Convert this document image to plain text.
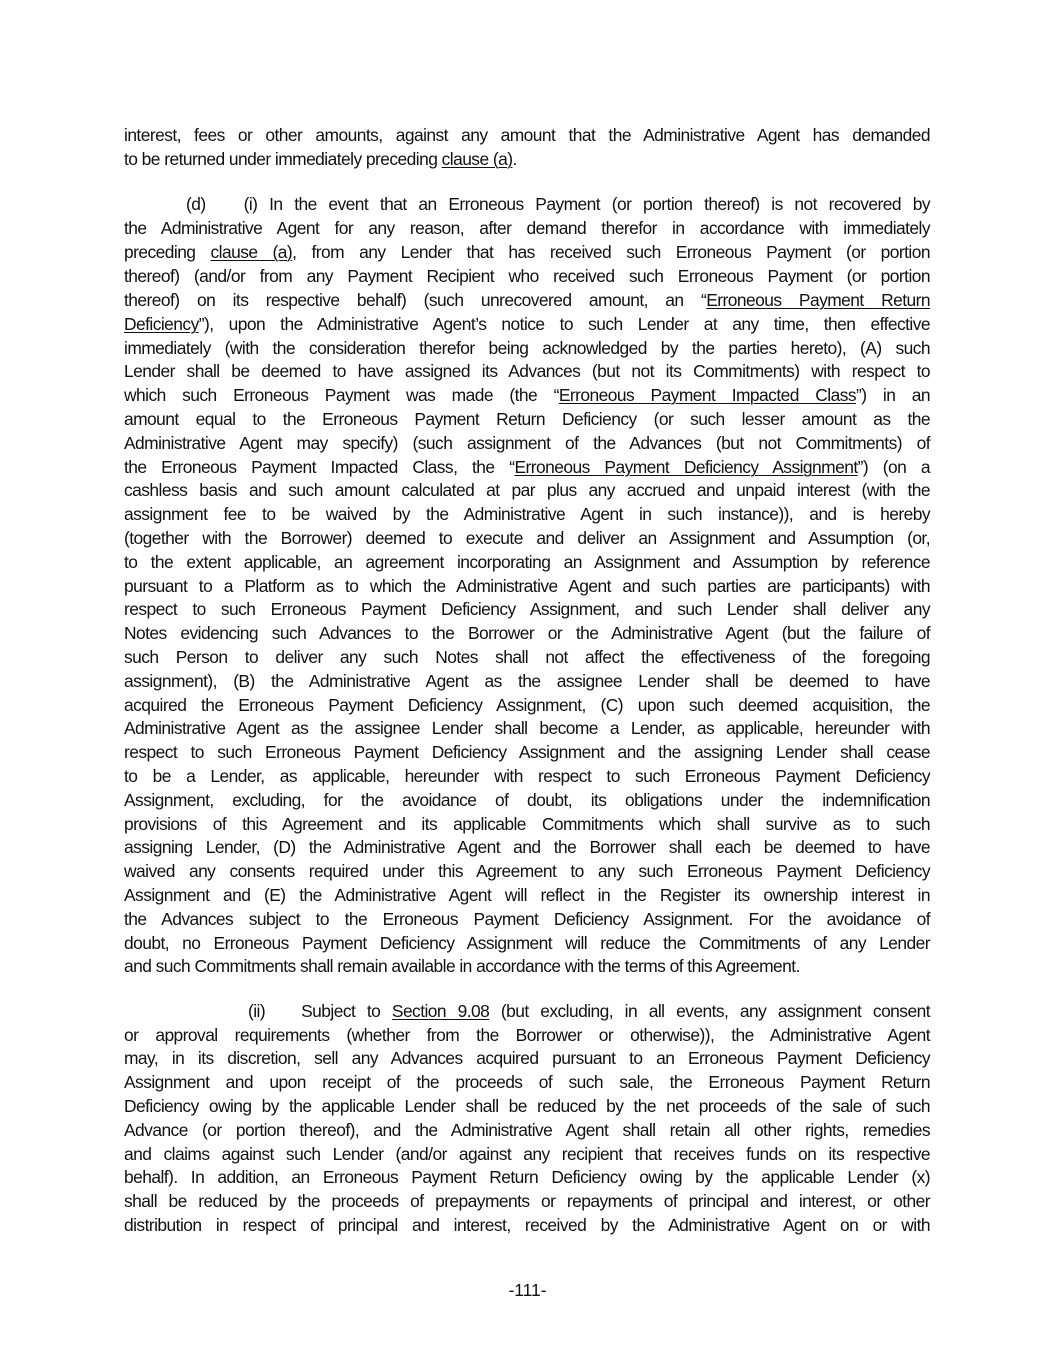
interest, fees or other amounts, against any amount that the Administrative Agent has demanded
to be returned under immediately preceding clause (a).
(d) (i) In the event that an Erroneous Payment (or portion thereof) is not recovered by
the Administrative Agent for any reason, after demand therefor in accordance with immediately
preceding clause (a), from any Lender that has received such Erroneous Payment (or portion
thereof) (and/or from any Payment Recipient who received such Erroneous Payment (or portion
thereof) on its respective behalf) (such unrecovered amount, an “Erroneous Payment Return
Deficiency”), upon the Administrative Agent’s notice to such Lender at any time, then effective
immediately (with the consideration therefor being acknowledged by the parties hereto), (A) such
Lender shall be deemed to have assigned its Advances (but not its Commitments) with respect to
which such Erroneous Payment was made (the “Erroneous Payment Impacted Class”) in an
amount equal to the Erroneous Payment Return Deficiency (or such lesser amount as the
Administrative Agent may specify) (such assignment of the Advances (but not Commitments) of
the Erroneous Payment Impacted Class, the “Erroneous Payment Deficiency Assignment”) (on a
cashless basis and such amount calculated at par plus any accrued and unpaid interest (with the
assignment fee to be waived by the Administrative Agent in such instance)), and is hereby
(together with the Borrower) deemed to execute and deliver an Assignment and Assumption (or,
to the extent applicable, an agreement incorporating an Assignment and Assumption by reference
pursuant to a Platform as to which the Administrative Agent and such parties are participants) with
respect to such Erroneous Payment Deficiency Assignment, and such Lender shall deliver any
Notes evidencing such Advances to the Borrower or the Administrative Agent (but the failure of
such Person to deliver any such Notes shall not affect the effectiveness of the foregoing
assignment), (B) the Administrative Agent as the assignee Lender shall be deemed to have
acquired the Erroneous Payment Deficiency Assignment, (C) upon such deemed acquisition, the
Administrative Agent as the assignee Lender shall become a Lender, as applicable, hereunder with
respect to such Erroneous Payment Deficiency Assignment and the assigning Lender shall cease
to be a Lender, as applicable, hereunder with respect to such Erroneous Payment Deficiency
Assignment, excluding, for the avoidance of doubt, its obligations under the indemnification
provisions of this Agreement and its applicable Commitments which shall survive as to such
assigning Lender, (D) the Administrative Agent and the Borrower shall each be deemed to have
waived any consents required under this Agreement to any such Erroneous Payment Deficiency
Assignment and (E) the Administrative Agent will reflect in the Register its ownership interest in
the Advances subject to the Erroneous Payment Deficiency Assignment. For the avoidance of
doubt, no Erroneous Payment Deficiency Assignment will reduce the Commitments of any Lender
and such Commitments shall remain available in accordance with the terms of this Agreement.
(ii) Subject to Section 9.08 (but excluding, in all events, any assignment consent
or approval requirements (whether from the Borrower or otherwise)), the Administrative Agent
may, in its discretion, sell any Advances acquired pursuant to an Erroneous Payment Deficiency
Assignment and upon receipt of the proceeds of such sale, the Erroneous Payment Return
Deficiency owing by the applicable Lender shall be reduced by the net proceeds of the sale of such
Advance (or portion thereof), and the Administrative Agent shall retain all other rights, remedies
and claims against such Lender (and/or against any recipient that receives funds on its respective
behalf). In addition, an Erroneous Payment Return Deficiency owing by the applicable Lender (x)
shall be reduced by the proceeds of prepayments or repayments of principal and interest, or other
distribution in respect of principal and interest, received by the Administrative Agent on or with
-111-
